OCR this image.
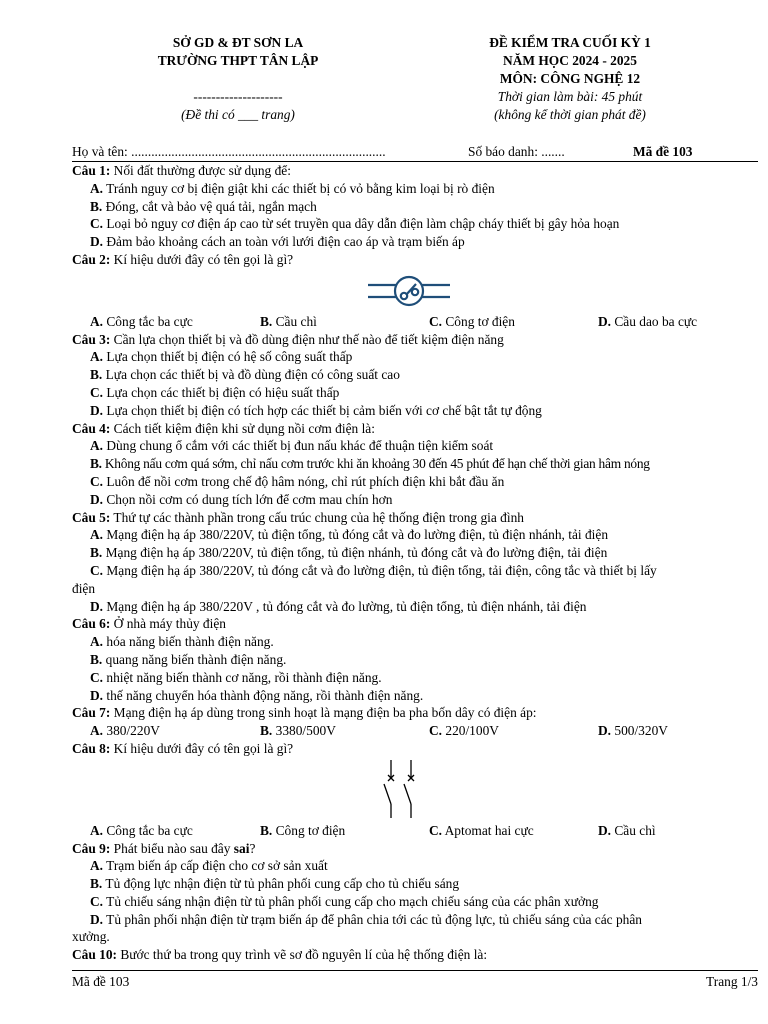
SỞ GD & ĐT SƠN LA
TRƯỜNG THPT TÂN LẬP
--------------------
(Đề thi có ___ trang)
ĐỀ KIỂM TRA CUỐI KỲ 1
NĂM HỌC 2024 - 2025
MÔN: CÔNG NGHỆ 12
Thời gian làm bài: 45 phút
(không kể thời gian phát đề)
Họ và tên: ............................................................................	Số báo danh: .......	Mã đề 103
Câu 1: Nối đất thường được sử dụng để:
A. Tránh nguy cơ bị điện giật khi các thiết bị có vỏ bằng kim loại bị rò điện
B. Đóng, cắt và bảo vệ quá tải, ngắn mạch
C. Loại bỏ nguy cơ điện áp cao từ sét truyền qua dây dẫn điện làm chập cháy thiết bị gây hỏa hoạn
D. Đảm bảo khoảng cách an toàn với lưới điện cao áp và trạm biến áp
Câu 2: Kí hiệu dưới đây có tên gọi là gì?
A. Công tắc ba cực	B. Cầu chì	C. Công tơ điện	D. Cầu dao ba cực
Câu 3: Cần lựa chọn thiết bị và đồ dùng điện như thế nào để tiết kiệm điện năng
A. Lựa chọn thiết bị điện có hệ số công suất thấp
B. Lựa chọn các thiết bị và đồ dùng điện có công suất cao
C. Lựa chọn các thiết bị điện có hiệu suất thấp
D. Lựa chọn thiết bị điện có tích hợp các thiết bị cảm biến với cơ chế bật tắt tự động
Câu 4: Cách tiết kiệm điện khi sử dụng nồi cơm điện là:
A. Dùng chung ổ cắm với các thiết bị đun nấu khác để thuận tiện kiểm soát
B. Không nấu cơm quá sớm, chỉ nấu cơm trước khi ăn khoảng 30 đến 45 phút để hạn chế thời gian hâm nóng
C. Luôn để nồi cơm trong chế độ hâm nóng, chỉ rút phích điện khi bắt đầu ăn
D. Chọn nồi cơm có dung tích lớn để cơm mau chín hơn
Câu 5: Thứ tự các thành phần trong cấu trúc chung của hệ thống điện trong gia đình
A. Mạng điện hạ áp 380/220V, tủ điện tổng, tủ đóng cắt và đo lường điện, tủ điện nhánh, tải điện
B. Mạng điện hạ áp 380/220V, tủ điện tổng, tủ điện nhánh, tủ đóng cắt và đo lường điện, tải điện
C. Mạng điện hạ áp 380/220V, tủ đóng cắt và đo lường điện, tủ điện tổng, tải điện, công tắc và thiết bị lấy
điện
D. Mạng điện hạ áp 380/220V , tủ đóng cắt và đo lường, tủ điện tổng, tủ điện nhánh, tải điện
Câu 6: Ở nhà máy thủy điện
A. hóa năng biến thành điện năng.
B. quang năng biến thành điện năng.
C. nhiệt năng biến thành cơ năng, rồi thành điện năng.
D. thế năng chuyển hóa thành động năng, rồi thành điện năng.
Câu 7: Mạng điện hạ áp dùng trong sinh hoạt là mạng điện ba pha bốn dây có điện áp:
A. 380/220V	B. 3380/500V	C. 220/100V	D. 500/320V
Câu 8: Kí hiệu dưới đây có tên gọi là gì?
A. Công tắc ba cực	B. Công tơ điện	C. Aptomat hai cực	D. Cầu chì
Câu 9: Phát biểu nào sau đây sai?
A. Trạm biến áp cấp điện cho cơ sở sản xuất
B. Tủ động lực nhận điện từ tủ phân phối cung cấp cho tủ chiếu sáng
C. Tủ chiếu sáng nhận điện từ tủ phân phối cung cấp cho mạch chiếu sáng của các phân xưởng
D. Tủ phân phối nhận điện từ trạm biến áp để phân chia tới các tủ động lực, tủ chiếu sáng của các phân
xưởng.
Câu 10: Bước thứ ba trong quy trình vẽ sơ đồ nguyên lí của hệ thống điện là:
Mã đề 103	Trang 1/3
